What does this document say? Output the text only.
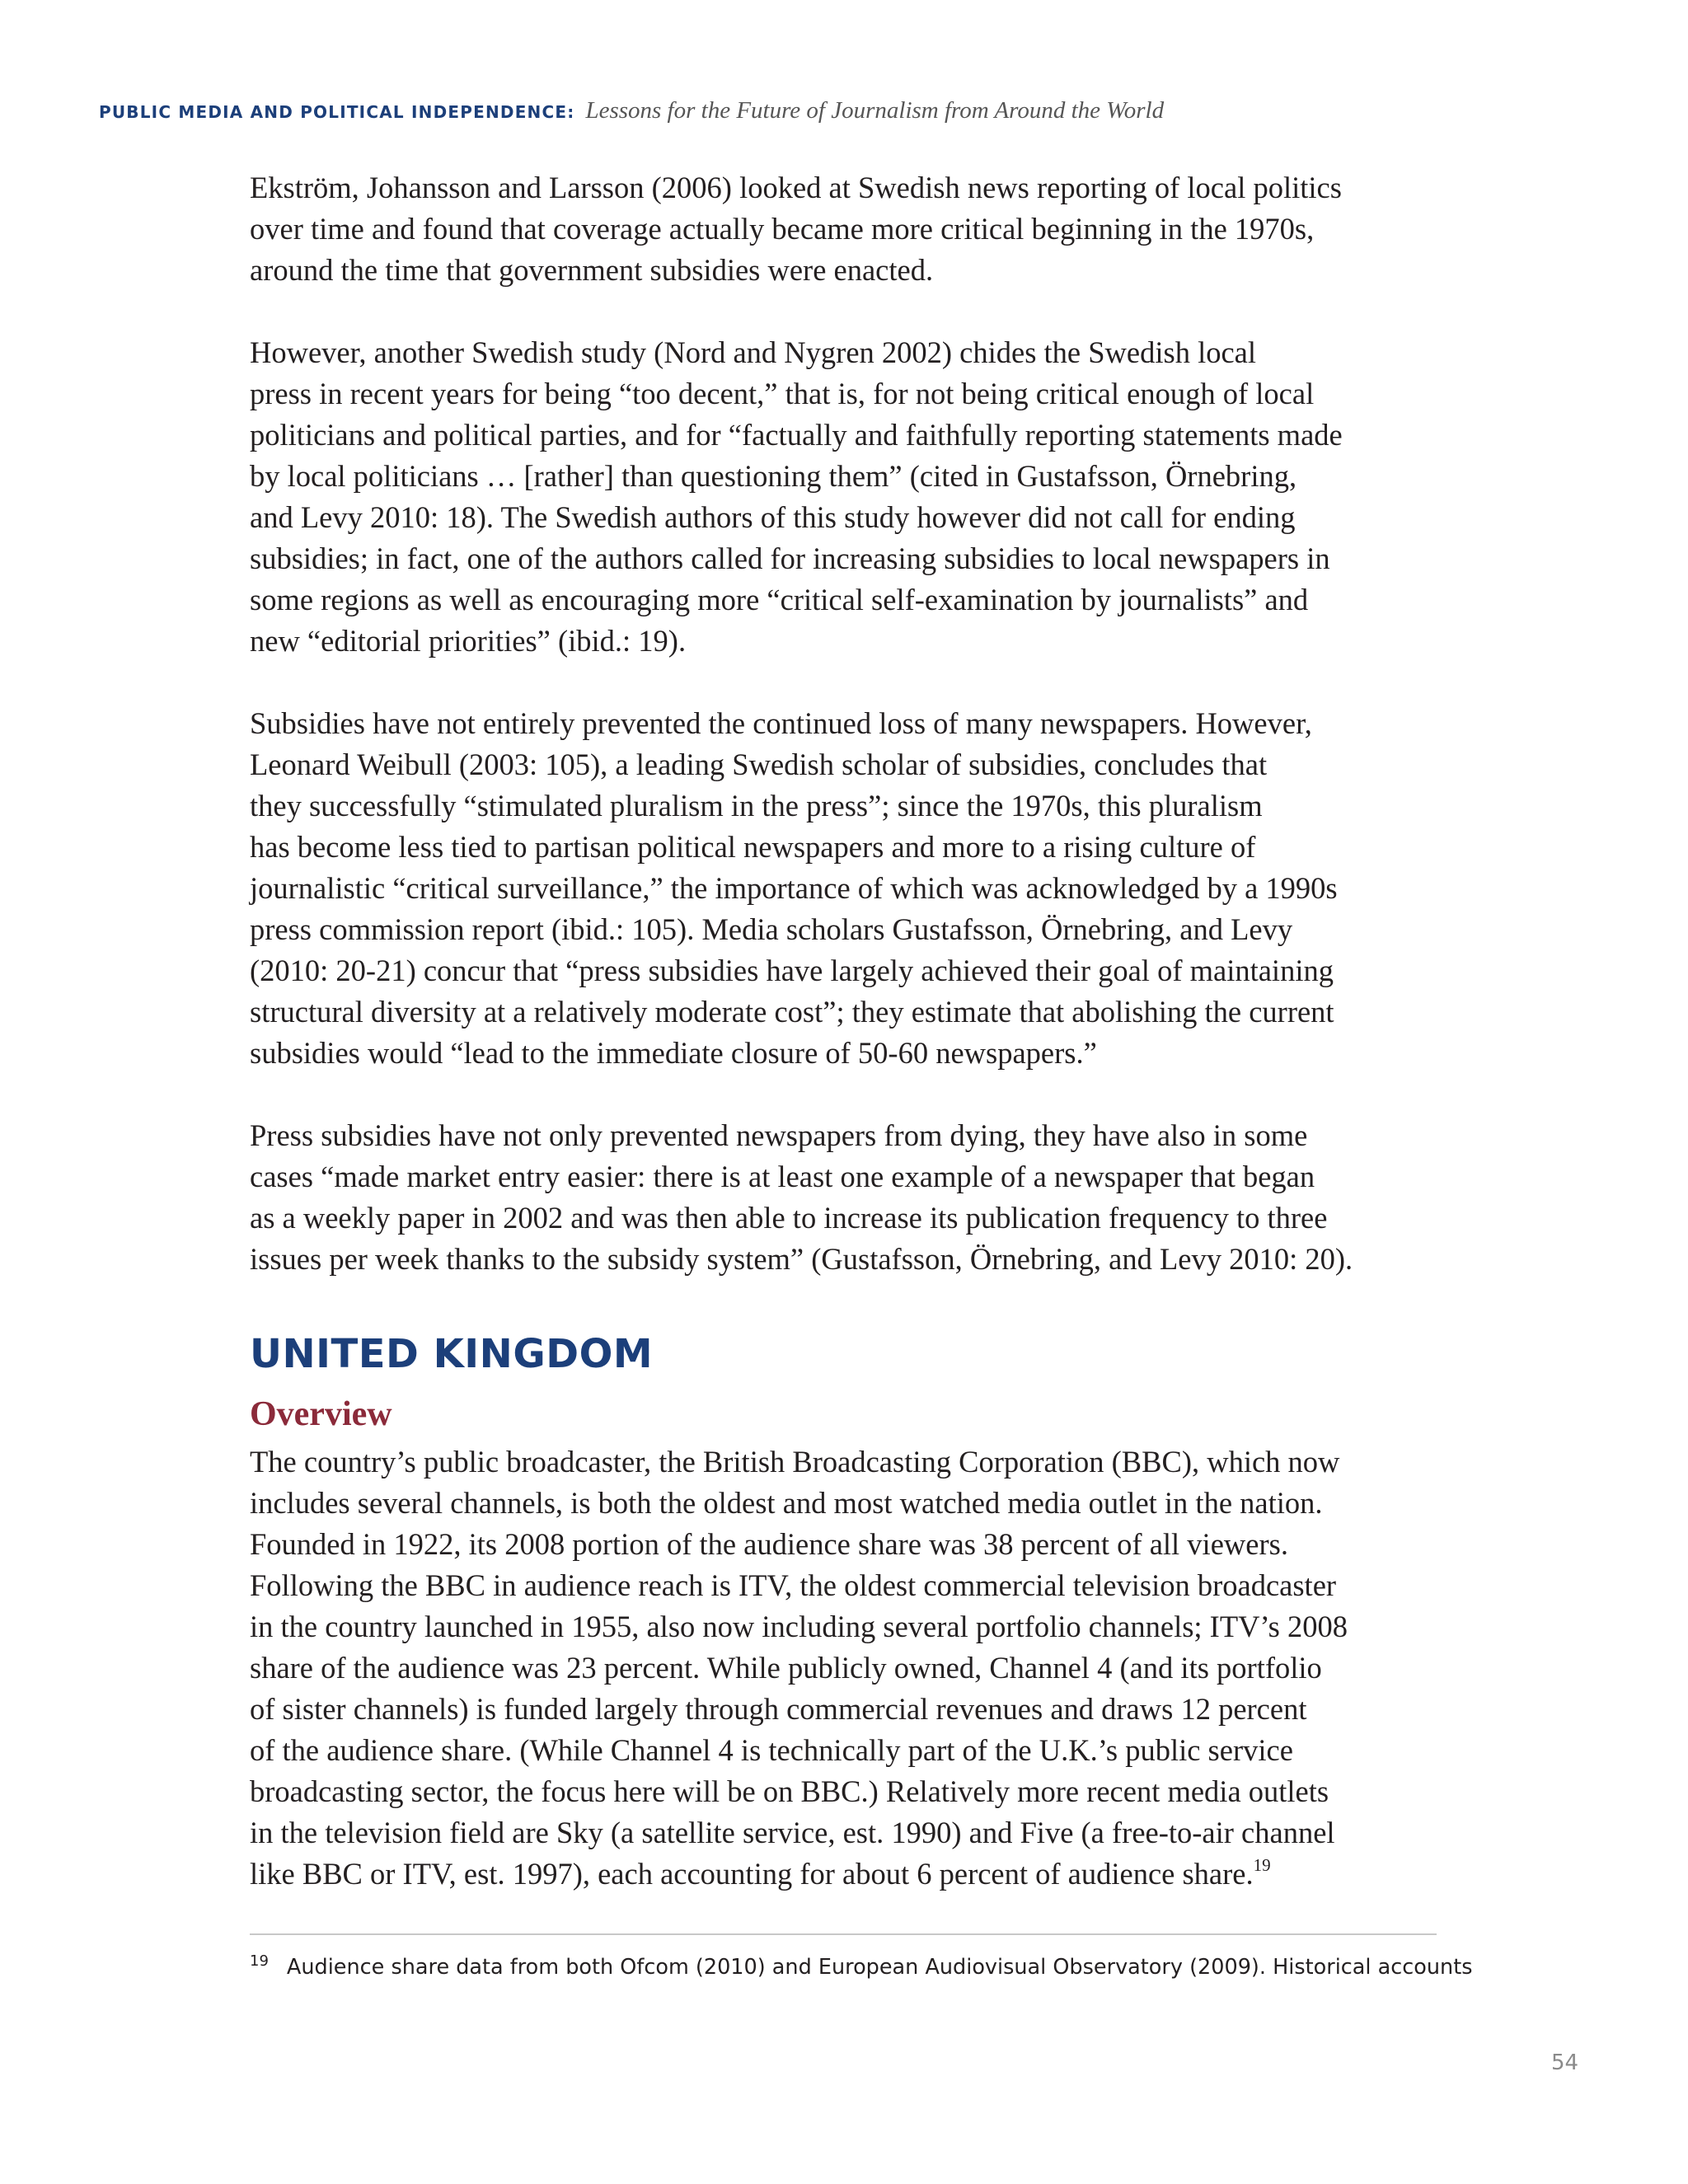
PUBLIC MEDIA AND POLITICAL INDEPENDENCE: Lessons for the Future of Journalism from Around the World

Ekström, Johansson and Larsson (2006) looked at Swedish news reporting of local politics
over time and found that coverage actually became more critical beginning in the 1970s,
around the time that government subsidies were enacted.

However, another Swedish study (Nord and Nygren 2002) chides the Swedish local
press in recent years for being “too decent,” that is, for not being critical enough of local
politicians and political parties, and for “factually and faithfully reporting statements made
by local politicians … [rather] than questioning them” (cited in Gustafsson, Örnebring,
and Levy 2010: 18). The Swedish authors of this study however did not call for ending
subsidies; in fact, one of the authors called for increasing subsidies to local newspapers in
some regions as well as encouraging more “critical self-examination by journalists” and
new “editorial priorities” (ibid.: 19).

Subsidies have not entirely prevented the continued loss of many newspapers. However,
Leonard Weibull (2003: 105), a leading Swedish scholar of subsidies, concludes that
they successfully “stimulated pluralism in the press”; since the 1970s, this pluralism
has become less tied to partisan political newspapers and more to a rising culture of
journalistic “critical surveillance,” the importance of which was acknowledged by a 1990s
press commission report (ibid.: 105). Media scholars Gustafsson, Örnebring, and Levy
(2010: 20-21) concur that “press subsidies have largely achieved their goal of maintaining
structural diversity at a relatively moderate cost”; they estimate that abolishing the current
subsidies would “lead to the immediate closure of 50-60 newspapers.”

Press subsidies have not only prevented newspapers from dying, they have also in some
cases “made market entry easier: there is at least one example of a newspaper that began
as a weekly paper in 2002 and was then able to increase its publication frequency to three
issues per week thanks to the subsidy system” (Gustafsson, Örnebring, and Levy 2010: 20).

UNITED KINGDOM
Overview

The country’s public broadcaster, the British Broadcasting Corporation (BBC), which now
includes several channels, is both the oldest and most watched media outlet in the nation.
Founded in 1922, its 2008 portion of the audience share was 38 percent of all viewers.
Following the BBC in audience reach is ITV, the oldest commercial television broadcaster
in the country launched in 1955, also now including several portfolio channels; ITV’s 2008
share of the audience was 23 percent. While publicly owned, Channel 4 (and its portfolio
of sister channels) is funded largely through commercial revenues and draws 12 percent
of the audience share. (While Channel 4 is technically part of the U.K.’s public service
broadcasting sector, the focus here will be on BBC.) Relatively more recent media outlets
in the television field are Sky (a satellite service, est. 1990) and Five (a free-to-air channel
like BBC or ITV, est. 1997), each accounting for about 6 percent of audience share.$^{19}$

$^{19}$ Audience share data from both Ofcom (2010) and European Audiovisual Observatory (2009). Historical accounts
54
